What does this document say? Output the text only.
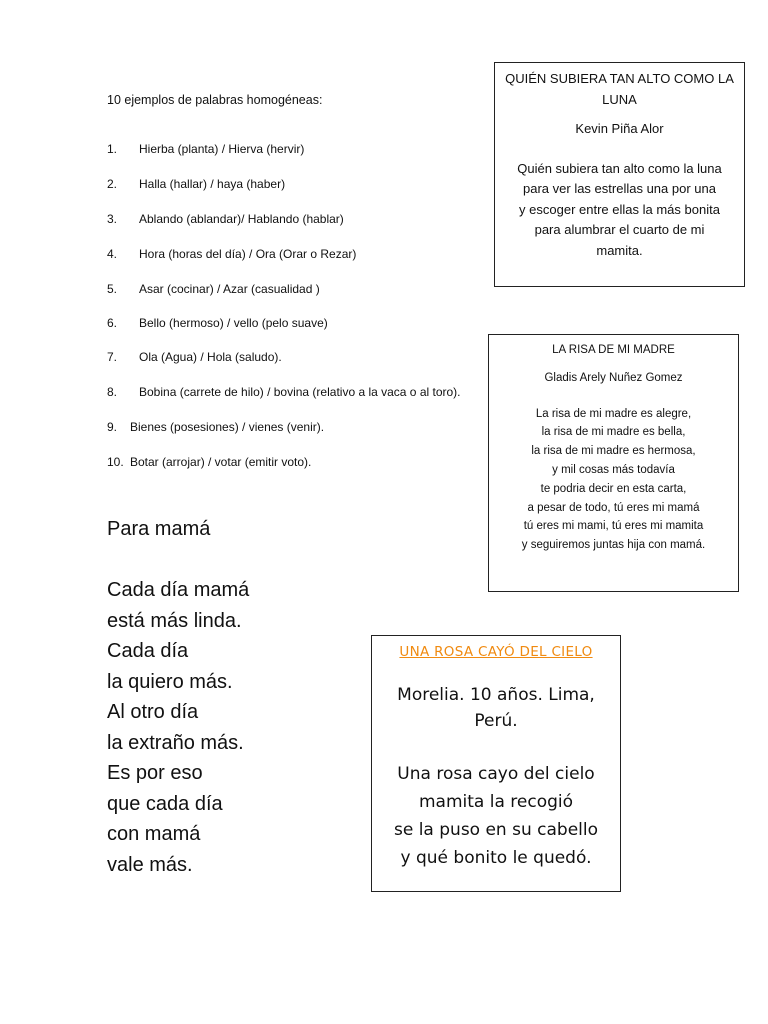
10 ejemplos de palabras homogéneas:
1. Hierba (planta) / Hierva (hervir)
2. Halla (hallar) / haya (haber)
3. Ablando (ablandar)/ Hablando (hablar)
4. Hora (horas del día) / Ora (Orar o Rezar)
5. Asar (cocinar) / Azar (casualidad )
6. Bello (hermoso) / vello (pelo suave)
7. Ola (Agua) / Hola (saludo).
8. Bobina (carrete de hilo) / bovina (relativo a la vaca o al toro).
9. Bienes (posesiones) / vienes (venir).
10. Botar (arrojar) / votar (emitir voto).
Para mamá
Cada día mamá
está más linda.
Cada día
la quiero más.
Al otro día
la extraño más.
Es por eso
que cada día
con mamá
vale más.
QUIÉN SUBIERA TAN ALTO COMO LA LUNA
Kevin Piña Alor
Quién subiera tan alto como la luna
para ver las estrellas una por una
y escoger entre ellas la más bonita
para alumbrar el cuarto de mi
mamita.
LA RISA DE MI MADRE
Gladis Arely Nuñez Gomez
La risa de mi madre es alegre,
la risa de mi madre es bella,
la risa de mi madre es hermosa,
y mil cosas más todavía
te podria decir en esta carta,
a pesar de todo, tú eres mi mamá
tú eres mi mami, tú eres mi mamita
y seguiremos juntas hija con mamá.
UNA ROSA CAYÓ DEL CIELO
Morelia. 10 años. Lima,
Perú.
Una rosa cayo del cielo
mamita la recogió
se la puso en su cabello
y qué bonito le quedó.
